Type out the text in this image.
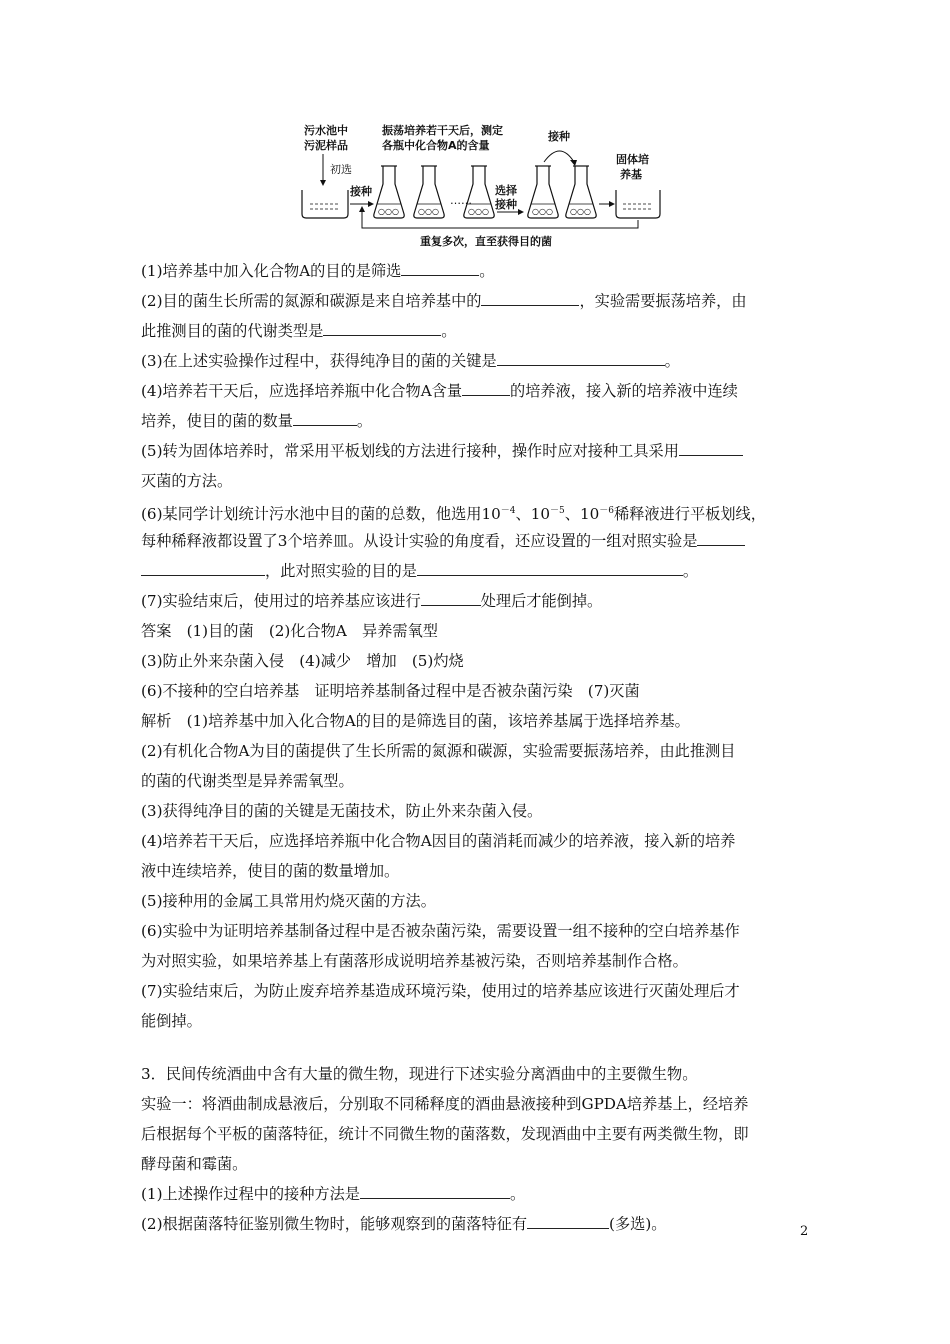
污水池中
污泥样品
初选
接种
振荡培养若干天后，测定
各瓶中化合物A的含量
○○○ ○○○
……
○○○
选择
接种
○○○
接种
○○○
固体培
养基
重复多次，直至获得目的菌
(1)培养基中加入化合物A的目的是筛选	。
(2)目的菌生长所需的氮源和碳源是来自培养基中的	，实验需要振荡培养，由
此推测目的菌的代谢类型是	。
(3)在上述实验操作过程中，获得纯净目的菌的关键是	。
(4)培养若干天后，应选择培养瓶中化合物A含量	的培养液，接入新的培养液中连续
培养，使目的菌的数量	。
(5)转为固体培养时，常采用平板划线的方法进行接种，操作时应对接种工具采用
灭菌的方法。
(6)某同学计划统计污水池中目的菌的总数，他选用$10^{-4}$、$10^{-5}$、$10^{-6}$稀释液进行平板划线，
每种稀释液都设置了3个培养皿。从设计实验的角度看，还应设置的一组对照实验是
，此对照实验的目的是	。
(7)实验结束后，使用过的培养基应该进行	处理后才能倒掉。
答案　 (1)目的菌　(2)化合物A　异养需氧型
(3)防止外来杂菌入侵　(4)减少　增加　(5)灼烧
(6)不接种的空白培养基　证明培养基制备过程中是否被杂菌污染　(7)灭菌
解析　 (1)培养基中加入化合物A的目的是筛选目的菌，该培养基属于选择培养基。
(2)有机化合物A为目的菌提供了生长所需的氮源和碳源，实验需要振荡培养，由此推测目
的菌的代谢类型是异养需氧型。
(3)获得纯净目的菌的关键是无菌技术，防止外来杂菌入侵。
(4)培养若干天后，应选择培养瓶中化合物A因目的菌消耗而减少的培养液，接入新的培养
液中连续培养，使目的菌的数量增加。
(5)接种用的金属工具常用灼烧灭菌的方法。
(6)实验中为证明培养基制备过程中是否被杂菌污染，需要设置一组不接种的空白培养基作
为对照实验，如果培养基上有菌落形成说明培养基被污染，否则培养基制作合格。
(7)实验结束后，为防止废弃培养基造成环境污染，使用过的培养基应该进行灭菌处理后才
能倒掉。
3．民间传统酒曲中含有大量的微生物，现进行下述实验分离酒曲中的主要微生物。
实验一：将酒曲制成悬液后，分别取不同稀释度的酒曲悬液接种到GPDA培养基上，经培养
后根据每个平板的菌落特征，统计不同微生物的菌落数，发现酒曲中主要有两类微生物，即
酵母菌和霉菌。
(1)上述操作过程中的接种方法是	。
(2)根据菌落特征鉴别微生物时，能够观察到的菌落特征有	(多选)。	2
